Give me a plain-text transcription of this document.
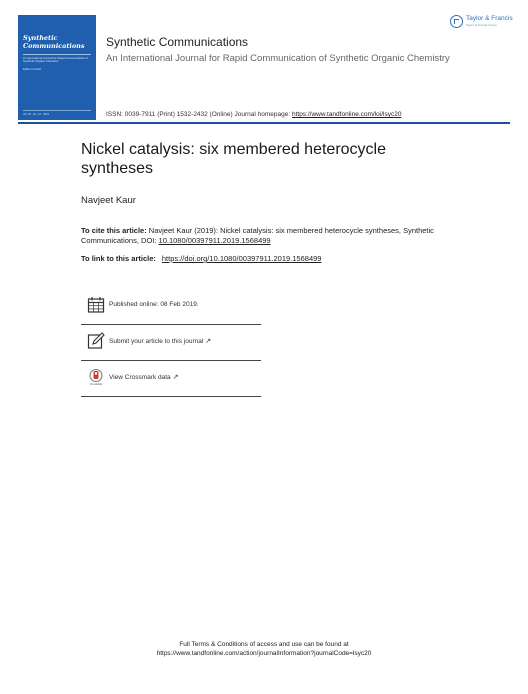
Synthetic
Communications
An International Journal for Rapid Communication of Synthetic Organic Chemistry
Editor-in-Chief
Vol. 49 · No. 12 · 2019
Synthetic Communications
An International Journal for Rapid Communication of Synthetic Organic Chemistry
Taylor & Francis
Taylor & Francis Group
ISSN: 0039-7911 (Print) 1532-2432 (Online) Journal homepage: https://www.tandfonline.com/loi/lsyc20
Nickel catalysis: six membered heterocycle syntheses
Navjeet Kaur
To cite this article: Navjeet Kaur (2019): Nickel catalysis: six membered heterocycle syntheses, Synthetic Communications, DOI: 10.1080/00397911.2019.1568499
To link to this article: https://doi.org/10.1080/00397911.2019.1568499
Published online: 08 Feb 2019.
Submit your article to this journal ↗
CrossMark
View Crossmark data ↗
Full Terms & Conditions of access and use can be found at
https://www.tandfonline.com/action/journalInformation?journalCode=lsyc20
